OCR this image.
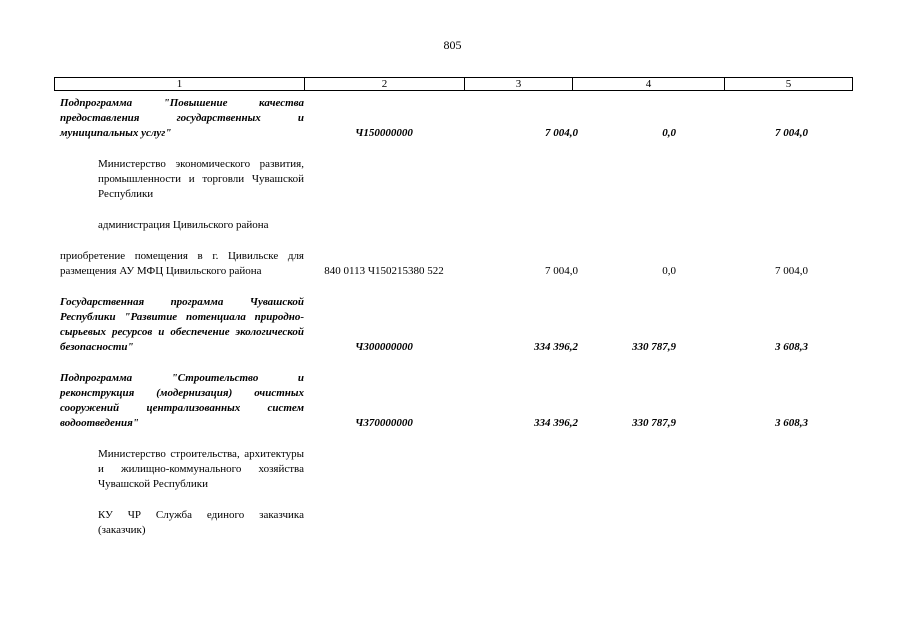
805
1	2	3	4	5
Подпрограмма "Повышение качества предоставления государственных и муниципальных услуг"	Ч150000000	7 004,0	0,0	7 004,0
Министерство экономического развития, промышленности и торговли Чувашской Республики
администрация Цивильского района
приобретение помещения в г. Цивильске для размещения АУ МФЦ Цивильского района	840 0113 Ч150215380 522	7 004,0	0,0	7 004,0
Государственная программа Чувашской Республики "Развитие потенциала природно-сырьевых ресурсов и обеспечение экологической безопасности"	Ч300000000	334 396,2	330 787,9	3 608,3
Подпрограмма "Строительство и реконструкция (модернизация) очистных сооружений централизованных систем водоотведения"	Ч370000000	334 396,2	330 787,9	3 608,3
Министерство строительства, архитектуры и жилищно-коммунального хозяйства Чувашской Республики
КУ ЧР Служба единого заказчика (заказчик)
